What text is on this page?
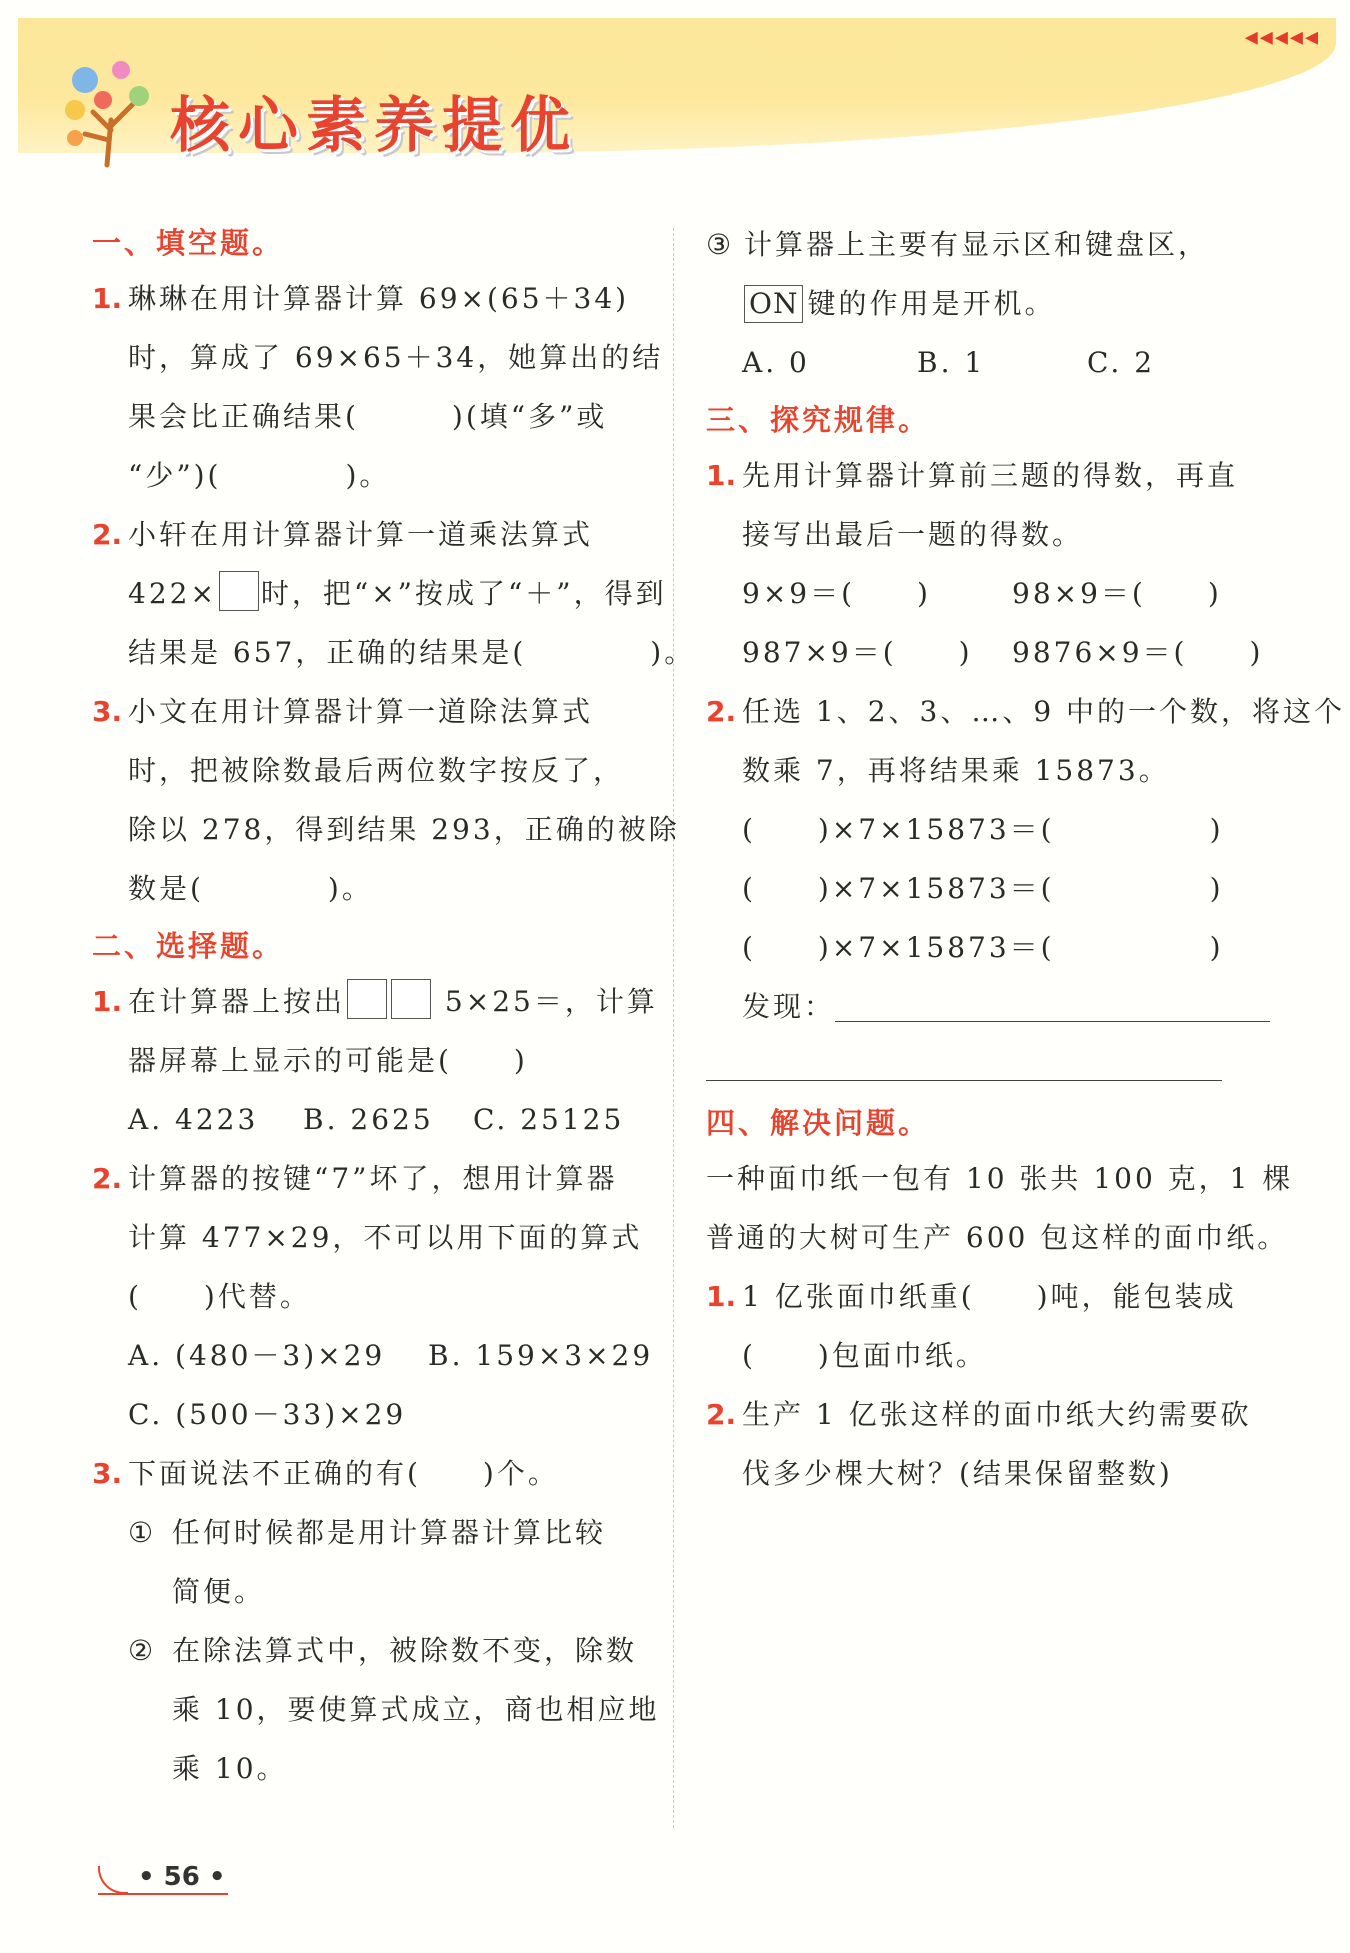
◂◂◂◂◂
核心素养提优
一、填空题。
1. 琳琳在用计算器计算 69×(65＋34)
时，算成了 69×65＋34，她算出的结
果会比正确结果(　　　)(填“多”或
“少”)(　　　　)。
2. 小轩在用计算器计算一道乘法算式
422× 时，把“×”按成了“＋”，得到
结果是 657，正确的结果是(　　　　)。
3. 小文在用计算器计算一道除法算式
时，把被除数最后两位数字按反了，
除以 278，得到结果 293，正确的被除
数是(　　　　)。
二、选择题。
1. 在计算器上按出	5×25＝，计算
器屏幕上显示的可能是(　　)
A. 4223 B. 2625 C. 25125
2. 计算器的按键“7”坏了，想用计算器
计算 477×29，不可以用下面的算式
(　　)代替。
A. (480－3)×29 B. 159×3×29
C. (500－33)×29
3. 下面说法不正确的有(　　)个。
① 任何时候都是用计算器计算比较
简便。
② 在除法算式中，被除数不变，除数
乘 10，要使算式成立，商也相应地
乘 10。
③ 计算器上主要有显示区和键盘区，
ON 键的作用是开机。
A. 0	B. 1	C. 2
三、探究规律。
1. 先用计算器计算前三题的得数，再直
接写出最后一题的得数。
9×9＝(　　)	98×9＝(　　)
987×9＝(　　) 9876×9＝(　　)
2. 任选 1、2、3、…、9 中的一个数，将这个
数乘 7，再将结果乘 15873。
(　　)×7×15873＝(　　　　　)
(　　)×7×15873＝(　　　　　)
(　　)×7×15873＝(　　　　　)
发现：
四、解决问题。
一种面巾纸一包有 10 张共 100 克，1 棵
普通的大树可生产 600 包这样的面巾纸。
1. 1 亿张面巾纸重(　　)吨，能包装成
(　　)包面巾纸。
2. 生产 1 亿张这样的面巾纸大约需要砍
伐多少棵大树？(结果保留整数)
• 56 •
